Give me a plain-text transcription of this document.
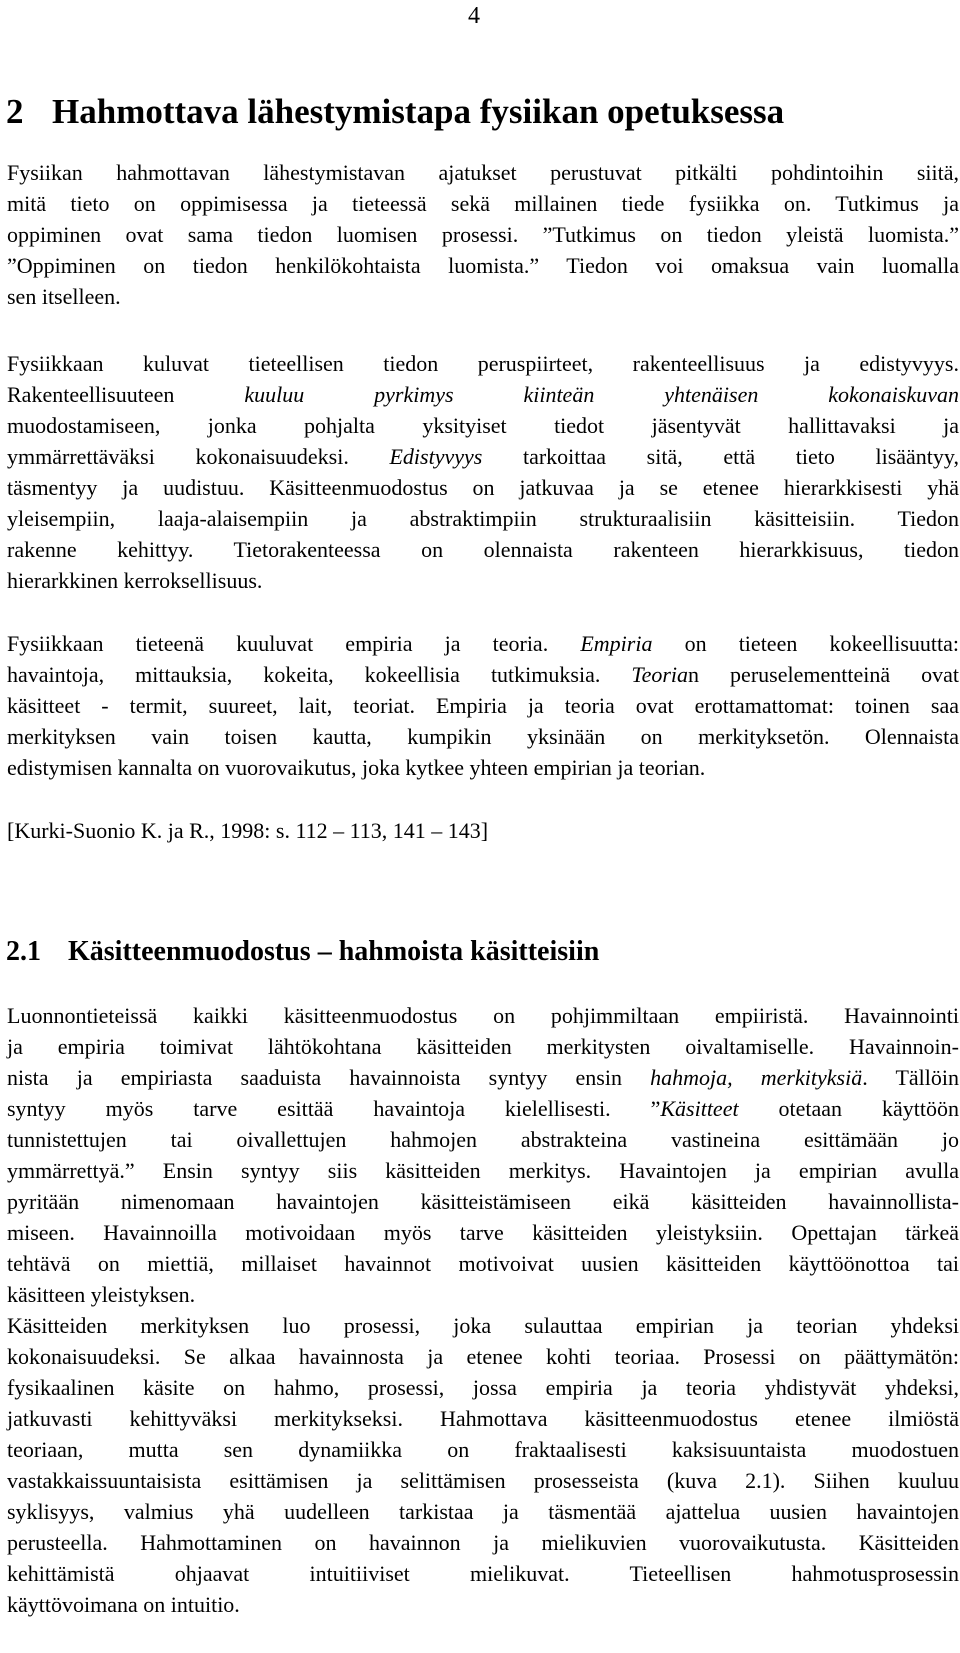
4
2 Hahmottava lähestymistapa fysiikan opetuksessa
Fysiikan hahmottavan lähestymistavan ajatukset perustuvat pitkälti pohdintoihin siitä,
mitä tieto on oppimisessa ja tieteessä sekä millainen tiede fysiikka on. Tutkimus ja
oppiminen ovat sama tiedon luomisen prosessi. ”Tutkimus on tiedon yleistä luomista.”
”Oppiminen on tiedon henkilökohtaista luomista.” Tiedon voi omaksua vain luomalla
sen itselleen.
Fysiikkaan kuluvat tieteellisen tiedon peruspiirteet, rakenteellisuus ja edistyvyys.
Rakenteellisuuteen kuuluu pyrkimys kiinteän yhtenäisen kokonaiskuvan
muodostamiseen, jonka pohjalta yksityiset tiedot jäsentyvät hallittavaksi ja
ymmärrettäväksi kokonaisuudeksi. Edistyvyys tarkoittaa sitä, että tieto lisääntyy,
täsmentyy ja uudistuu. Käsitteenmuodostus on jatkuvaa ja se etenee hierarkkisesti yhä
yleisempiin, laaja-alaisempiin ja abstraktimpiin strukturaalisiin käsitteisiin. Tiedon
rakenne kehittyy. Tietorakenteessa on olennaista rakenteen hierarkkisuus, tiedon
hierarkkinen kerroksellisuus.
Fysiikkaan tieteenä kuuluvat empiria ja teoria. Empiria on tieteen kokeellisuutta:
havaintoja, mittauksia, kokeita, kokeellisia tutkimuksia. Teorian peruselementteinä ovat
käsitteet - termit, suureet, lait, teoriat. Empiria ja teoria ovat erottamattomat: toinen saa
merkityksen vain toisen kautta, kumpikin yksinään on merkityksetön. Olennaista
edistymisen kannalta on vuorovaikutus, joka kytkee yhteen empirian ja teorian.
[Kurki-Suonio K. ja R., 1998: s. 112 – 113, 141 – 143]
2.1 Käsitteenmuodostus – hahmoista käsitteisiin
Luonnontieteissä kaikki käsitteenmuodostus on pohjimmiltaan empiiristä. Havainnointi
ja empiria toimivat lähtökohtana käsitteiden merkitysten oivaltamiselle. Havainnoin-
nista ja empiriasta saaduista havainnoista syntyy ensin hahmoja, merkityksiä. Tällöin
syntyy myös tarve esittää havaintoja kielellisesti. ”Käsitteet otetaan käyttöön
tunnistettujen tai oivallettujen hahmojen abstrakteina vastineina esittämään jo
ymmärrettyä.” Ensin syntyy siis käsitteiden merkitys. Havaintojen ja empirian avulla
pyritään nimenomaan havaintojen käsitteistämiseen eikä käsitteiden havainnollista-
miseen. Havainnoilla motivoidaan myös tarve käsitteiden yleistyksiin. Opettajan tärkeä
tehtävä on miettiä, millaiset havainnot motivoivat uusien käsitteiden käyttöönottoa tai
käsitteen yleistyksen.
Käsitteiden merkityksen luo prosessi, joka sulauttaa empirian ja teorian yhdeksi
kokonaisuudeksi. Se alkaa havainnosta ja etenee kohti teoriaa. Prosessi on päättymätön:
fysikaalinen käsite on hahmo, prosessi, jossa empiria ja teoria yhdistyvät yhdeksi,
jatkuvasti kehittyväksi merkitykseksi. Hahmottava käsitteenmuodostus etenee ilmiöstä
teoriaan, mutta sen dynamiikka on fraktaalisesti kaksisuuntaista muodostuen
vastakkaissuuntaisista esittämisen ja selittämisen prosesseista (kuva 2.1). Siihen kuuluu
syklisyys, valmius yhä uudelleen tarkistaa ja täsmentää ajattelua uusien havaintojen
perusteella. Hahmottaminen on havainnon ja mielikuvien vuorovaikutusta. Käsitteiden
kehittämistä ohjaavat intuitiiviset mielikuvat. Tieteellisen hahmotusprosessin
käyttövoimana on intuitio.
